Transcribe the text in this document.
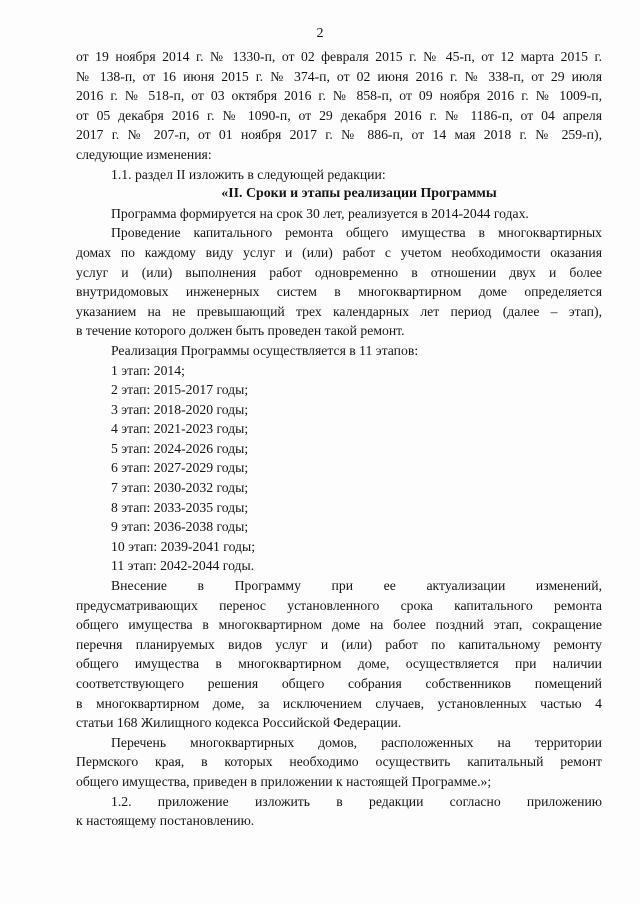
2

от 19 ноября 2014 г. № 1330-п, от 02 февраля 2015 г. № 45-п, от 12 марта 2015 г.

№ 138-п, от 16 июня 2015 г. № 374-п, от 02 июня 2016 г. № 338-п, от 29 июля

2016 г. № 518-п, от 03 октября 2016 г. № 858-п, от 09 ноября 2016 г. № 1009-п,

от 05 декабря 2016 г. № 1090-п, от 29 декабря 2016 г. № 1186-п, от 04 апреля

2017 г. № 207-п, от 01 ноября 2017 г. № 886-п, от 14 мая 2018 г. № 259-п),

следующие изменения:

1.1. раздел II изложить в следующей редакции:

«II. Сроки и этапы реализации Программы

Программа формируется на срок 30 лет, реализуется в 2014-2044 годах.

Проведение капитального ремонта общего имущества в многоквартирных

домах по каждому виду услуг и (или) работ с учетом необходимости оказания

услуг и (или) выполнения работ одновременно в отношении двух и более

внутридомовых инженерных систем в многоквартирном доме определяется

указанием на не превышающий трех календарных лет период (далее – этап),

в течение которого должен быть проведен такой ремонт.

Реализация Программы осуществляется в 11 этапов:

1 этап: 2014;

2 этап: 2015-2017 годы;

3 этап: 2018-2020 годы;

4 этап: 2021-2023 годы;

5 этап: 2024-2026 годы;

6 этап: 2027-2029 годы;

7 этап: 2030-2032 годы;

8 этап: 2033-2035 годы;

9 этап: 2036-2038 годы;

10 этап: 2039-2041 годы;

11 этап: 2042-2044 годы.

Внесение в Программу при ее актуализации изменений,

предусматривающих перенос установленного срока капитального ремонта

общего имущества в многоквартирном доме на более поздний этап, сокращение

перечня планируемых видов услуг и (или) работ по капитальному ремонту

общего имущества в многоквартирном доме, осуществляется при наличии

соответствующего решения общего собрания собственников помещений

в многоквартирном доме, за исключением случаев, установленных частью 4

статьи 168 Жилищного кодекса Российской Федерации.

Перечень многоквартирных домов, расположенных на территории

Пермского края, в которых необходимо осуществить капитальный ремонт

общего имущества, приведен в приложении к настоящей Программе.»;

1.2. приложение изложить в редакции согласно приложению

к настоящему постановлению.
